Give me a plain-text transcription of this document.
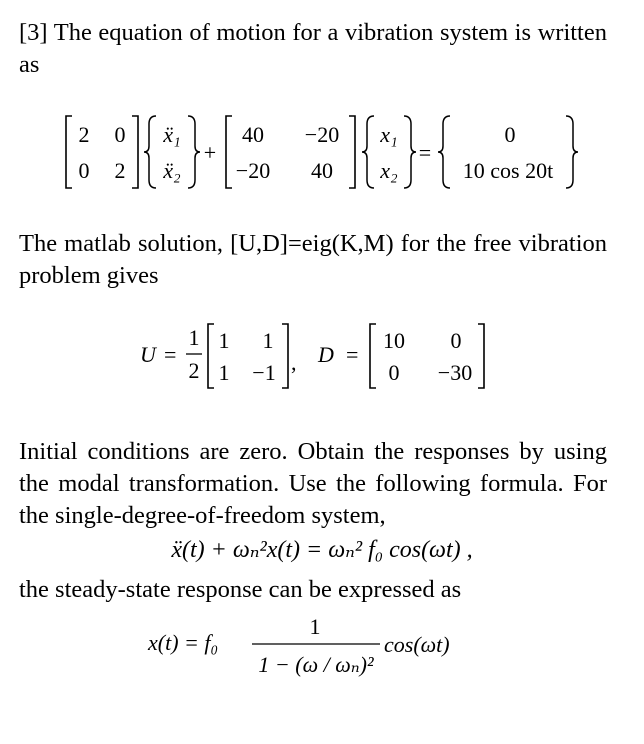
[3] The equation of motion for a vibration system is written as
2 0
0 2
ẍ₁
ẍ₂
+
40 −20
−20 40
x₁
x₂
=
0
10 cos 20t
The matlab solution, [U,D]=eig(K,M) for the free vibration problem gives
U =
1
2
1 1
1 −1 , D =
10 0
0 −30
Initial conditions are zero. Obtain the responses by using the modal transformation. Use the following formula. For the single-degree-of-freedom system,
ẍ(t) + ωₙ²x(t) = ωₙ² f₀ cos(ωt) ,
the steady-state response can be expressed as
x(t) = f₀
1
1 − (ω / ωₙ)²
cos(ωt)
